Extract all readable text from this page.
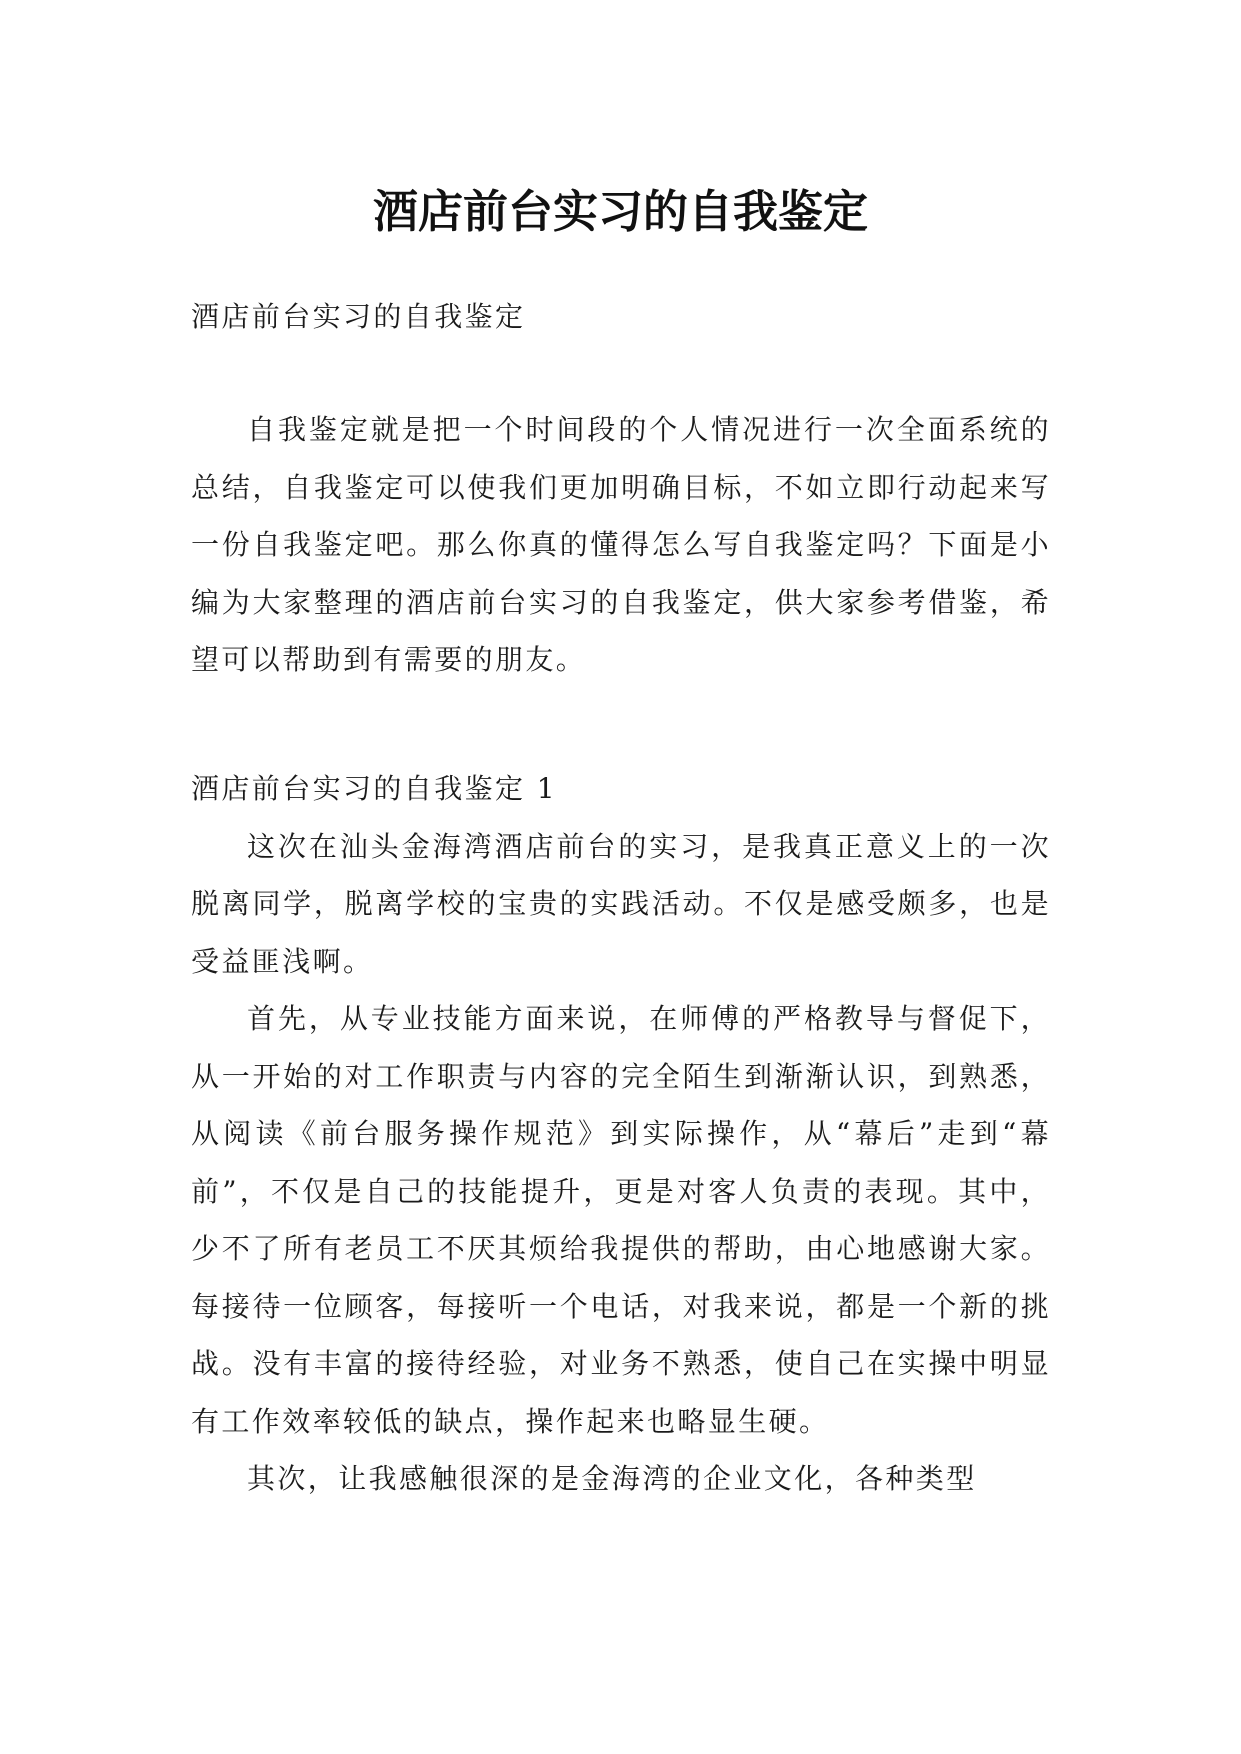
酒店前台实习的自我鉴定

酒店前台实习的自我鉴定

自我鉴定就是把一个时间段的个人情况进行一次全面系统的总结，自我鉴定可以使我们更加明确目标，不如立即行动起来写一份自我鉴定吧。那么你真的懂得怎么写自我鉴定吗？下面是小编为大家整理的酒店前台实习的自我鉴定，供大家参考借鉴，希望可以帮助到有需要的朋友。

酒店前台实习的自我鉴定 1

这次在汕头金海湾酒店前台的实习，是我真正意义上的一次脱离同学，脱离学校的宝贵的实践活动。不仅是感受颇多，也是受益匪浅啊。

首先，从专业技能方面来说，在师傅的严格教导与督促下，从一开始的对工作职责与内容的完全陌生到渐渐认识，到熟悉，从阅读《前台服务操作规范》到实际操作，从“幕后”走到“幕前”，不仅是自己的技能提升，更是对客人负责的表现。其中，少不了所有老员工不厌其烦给我提供的帮助，由心地感谢大家。每接待一位顾客，每接听一个电话，对我来说，都是一个新的挑战。没有丰富的接待经验，对业务不熟悉，使自己在实操中明显有工作效率较低的缺点，操作起来也略显生硬。

其次，让我感触很深的是金海湾的企业文化，各种类型
